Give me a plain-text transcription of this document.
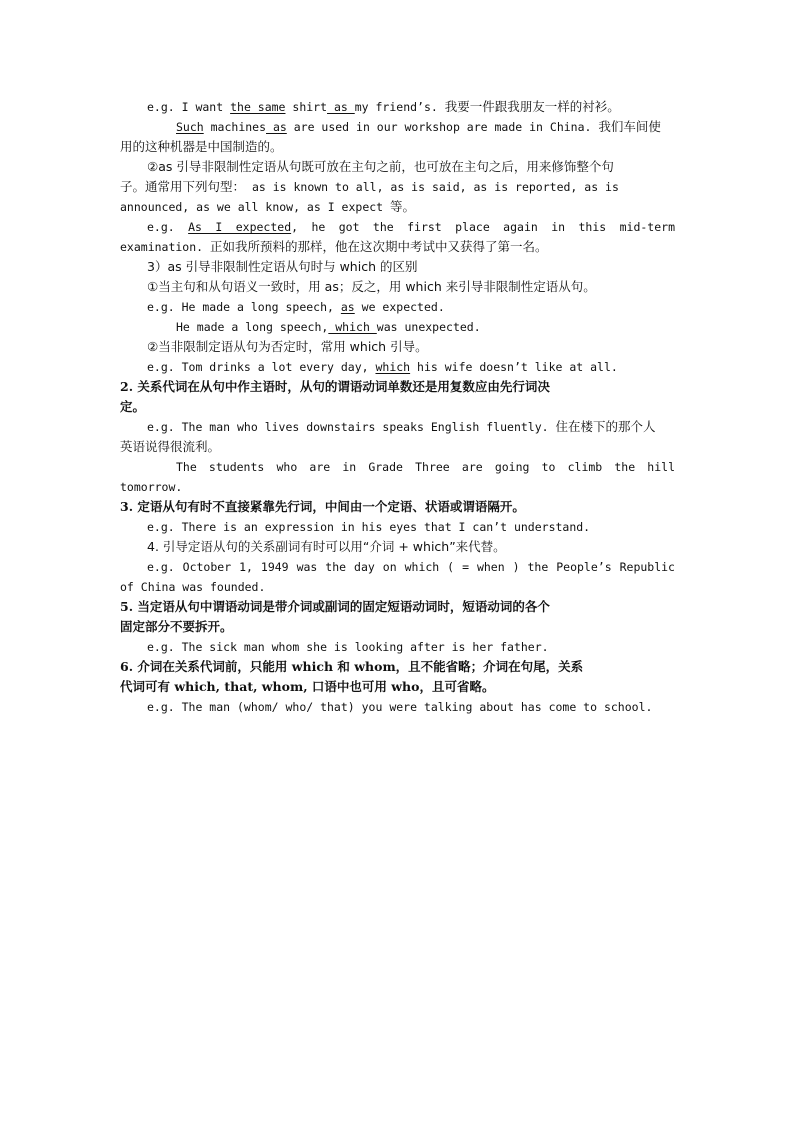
e.g. I want the same shirt as my friend’s. 我要一件跟我朋友一样的衬衫。
Such machines as are used in our workshop are made in China. 我们车间使
用的这种机器是中国制造的。
②as 引导非限制性定语从句既可放在主句之前，也可放在主句之后，用来修饰整个句
子。通常用下列句型： as is known to all, as is said, as is reported, as is
announced, as we all know, as I expect 等。
e.g. As I expected, he got the first place again in this mid-term
examination. 正如我所预料的那样，他在这次期中考试中又获得了第一名。
3）as 引导非限制性定语从句时与 which 的区别
①当主句和从句语义一致时，用 as；反之，用 which 来引导非限制性定语从句。
e.g. He made a long speech, as we expected.
He made a long speech, which was unexpected.
②当非限制定语从句为否定时，常用 which 引导。
e.g. Tom drinks a lot every day, which his wife doesn’t like at all.
2. 关系代词在从句中作主语时，从句的谓语动词单数还是用复数应由先行词决
定。
e.g. The man who lives downstairs speaks English fluently. 住在楼下的那个人
英语说得很流利。
The students who are in Grade Three are going to climb the hill
tomorrow.
3. 定语从句有时不直接紧靠先行词，中间由一个定语、状语或谓语隔开。
e.g. There is an expression in his eyes that I can’t understand.
4. 引导定语从句的关系副词有时可以用“介词 + which”来代替。
e.g. October 1, 1949 was the day on which ( = when ) the People’s Republic
of China was founded.
5. 当定语从句中谓语动词是带介词或副词的固定短语动词时，短语动词的各个
固定部分不要拆开。
e.g. The sick man whom she is looking after is her father.
6. 介词在关系代词前，只能用 which 和 whom，且不能省略；介词在句尾，关系
代词可有 which, that, whom, 口语中也可用 who，且可省略。
e.g. The man (whom/ who/ that) you were talking about has come to school.
